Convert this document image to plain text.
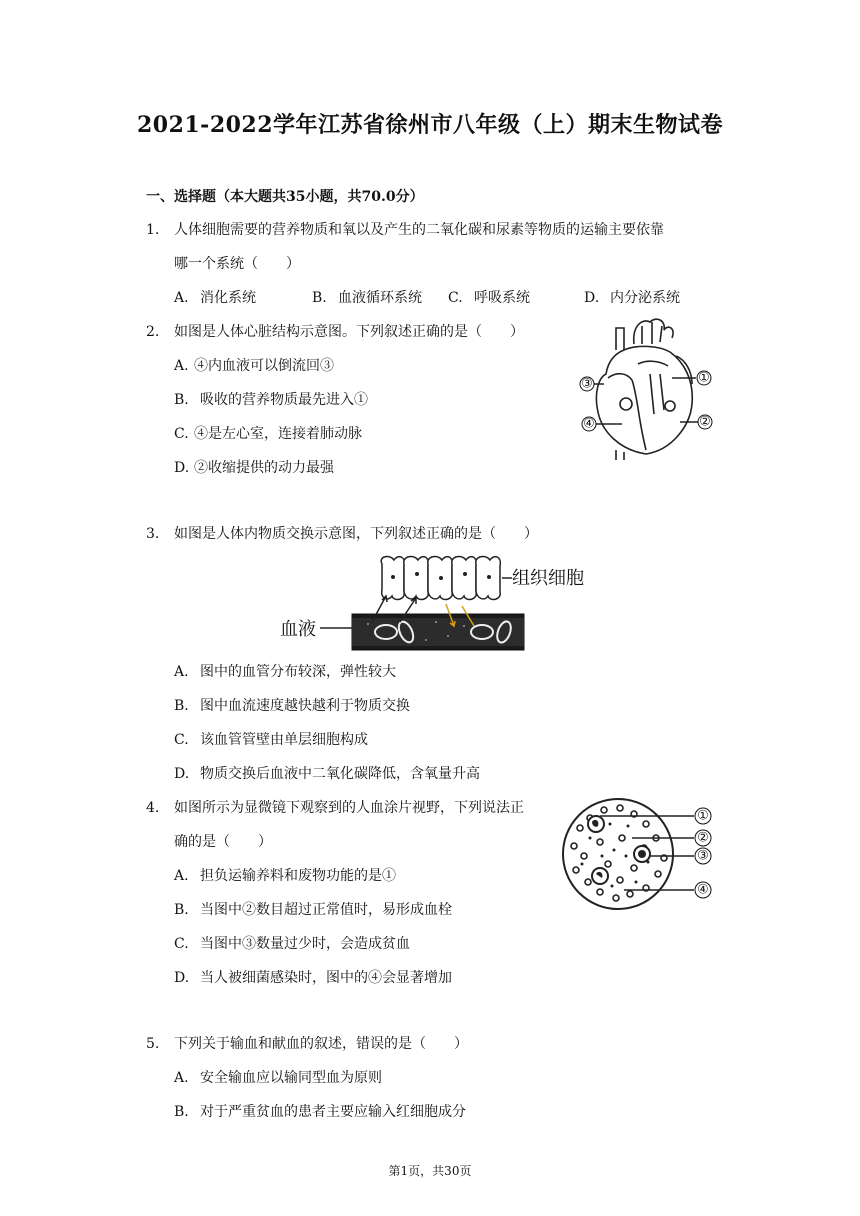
2021-2022学年江苏省徐州市八年级（上）期末生物试卷
一、选择题（本大题共35小题，共70.0分）
1. 人体细胞需要的营养物质和氧以及产生的二氧化碳和尿素等物质的运输主要依靠
哪一个系统（　　）
A. 消化系统	B. 血液循环系统 C. 呼吸系统	D. 内分泌系统
2. 如图是人体心脏结构示意图。下列叙述正确的是（　　）
A. ④内血液可以倒流回③
B. 吸收的营养物质最先进入①
C. ④是左心室，连接着肺动脉
D. ②收缩提供的动力最强
③	①
④	②
3. 如图是人体内物质交换示意图，下列叙述正确的是（　　）
组织细胞
血液
A. 图中的血管分布较深，弹性较大
B. 图中血流速度越快越利于物质交换
C. 该血管管壁由单层细胞构成
D. 物质交换后血液中二氧化碳降低，含氧量升高
4. 如图所示为显微镜下观察到的人血涂片视野，下列说法正
确的是（　　）
A. 担负运输养料和废物功能的是①
B. 当图中②数目超过正常值时，易形成血栓
C. 当图中③数量过少时，会造成贫血
D. 当人被细菌感染时，图中的④会显著增加
①
②
③
④
5. 下列关于输血和献血的叙述，错误的是（　　）
A. 安全输血应以输同型血为原则
B. 对于严重贫血的患者主要应输入红细胞成分
第1页，共30页
